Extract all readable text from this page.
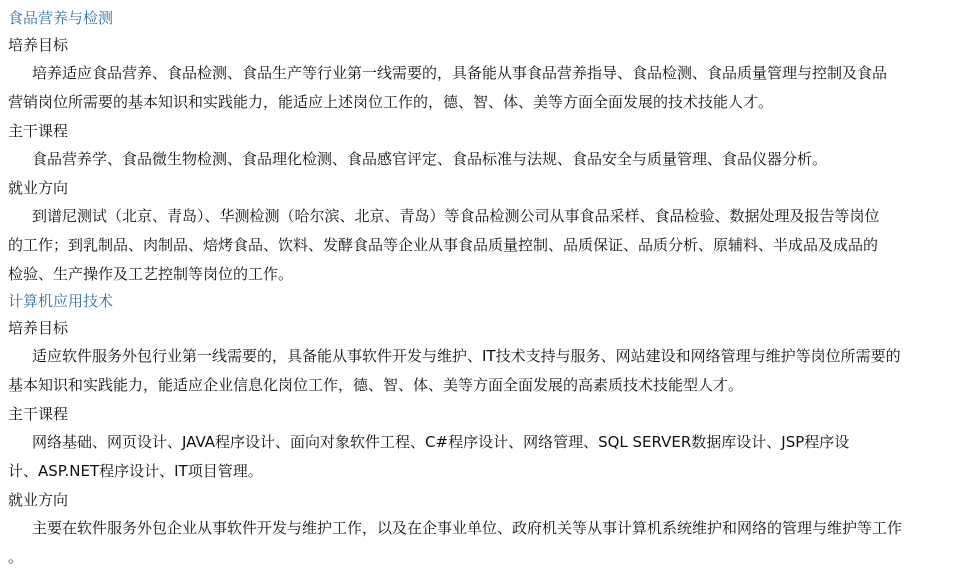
食品营养与检测
培养目标
培养适应食品营养、食品检测、食品生产等行业第一线需要的，具备能从事食品营养指导、食品检测、食品质量管理与控制及食品
营销岗位所需要的基本知识和实践能力，能适应上述岗位工作的，德、智、体、美等方面全面发展的技术技能人才。
主干课程
食品营养学、食品微生物检测、食品理化检测、食品感官评定、食品标准与法规、食品安全与质量管理、食品仪器分析。
就业方向
到谱尼测试（北京、青岛）、华测检测（哈尔滨、北京、青岛）等食品检测公司从事食品采样、食品检验、数据处理及报告等岗位
的工作；到乳制品、肉制品、焙烤食品、饮料、发酵食品等企业从事食品质量控制、品质保证、品质分析、原辅料、半成品及成品的
检验、生产操作及工艺控制等岗位的工作。
计算机应用技术
培养目标
适应软件服务外包行业第一线需要的，具备能从事软件开发与维护、IT技术支持与服务、网站建设和网络管理与维护等岗位所需要的
基本知识和实践能力，能适应企业信息化岗位工作，德、智、体、美等方面全面发展的高素质技术技能型人才。
主干课程
网络基础、网页设计、JAVA程序设计、面向对象软件工程、C#程序设计、网络管理、SQL SERVER数据库设计、JSP程序设
计、ASP.NET程序设计、IT项目管理。
就业方向
主要在软件服务外包企业从事软件开发与维护工作，以及在企事业单位、政府机关等从事计算机系统维护和网络的管理与维护等工作
。
